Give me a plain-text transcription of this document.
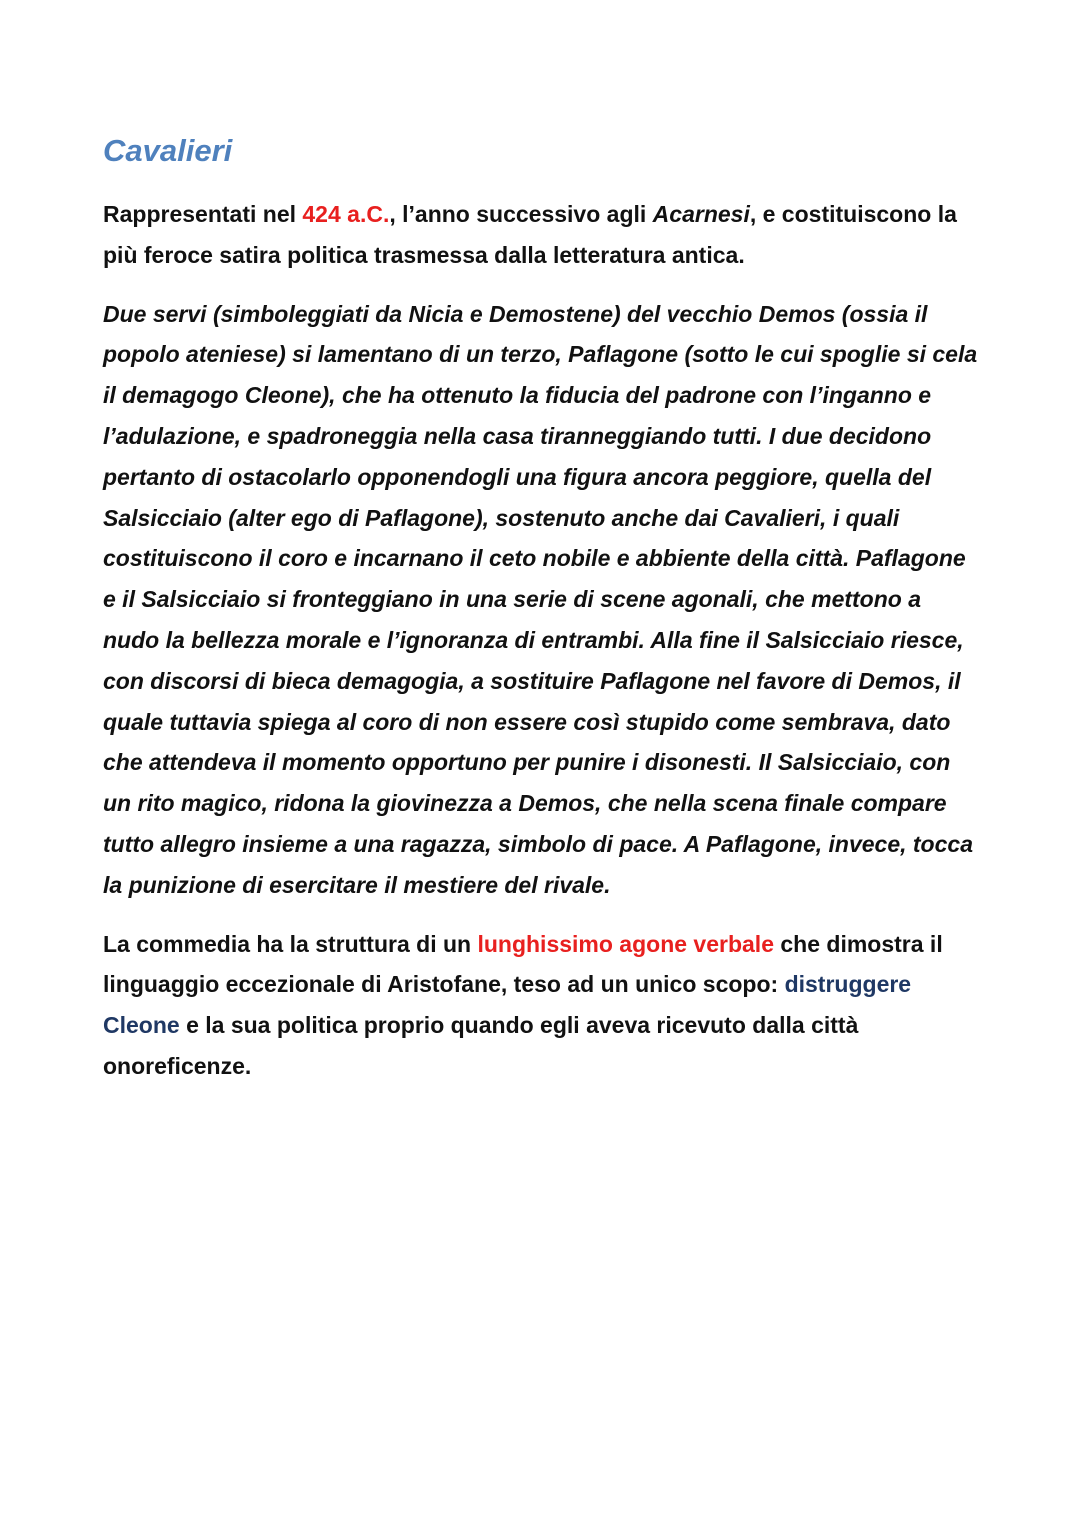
Cavalieri

Rappresentati nel 424 a.C., l’anno successivo agli Acarnesi, e costituiscono la più feroce satira politica trasmessa dalla letteratura antica.

Due servi (simboleggiati da Nicia e Demostene) del vecchio Demos (ossia il popolo ateniese) si lamentano di un terzo, Paflagone (sotto le cui spoglie si cela il demagogo Cleone), che ha ottenuto la fiducia del padrone con l’inganno e l’adulazione, e spadroneggia nella casa tiranneggiando tutti. I due decidono pertanto di ostacolarlo opponendogli una figura ancora peggiore, quella del Salsicciaio (alter ego di Paflagone), sostenuto anche dai Cavalieri, i quali costituiscono il coro e incarnano il ceto nobile e abbiente della città. Paflagone e il Salsicciaio si fronteggiano in una serie di scene agonali, che mettono a nudo la bellezza morale e l’ignoranza di entrambi. Alla fine il Salsicciaio riesce, con discorsi di bieca demagogia, a sostituire Paflagone nel favore di Demos, il quale tuttavia spiega al coro di non essere così stupido come sembrava, dato che attendeva il momento opportuno per punire i disonesti. Il Salsicciaio, con un rito magico, ridona la giovinezza a Demos, che nella scena finale compare tutto allegro insieme a una ragazza, simbolo di pace. A Paflagone, invece, tocca la punizione di esercitare il mestiere del rivale.

La commedia ha la struttura di un lunghissimo agone verbale che dimostra il linguaggio eccezionale di Aristofane, teso ad un unico scopo: distruggere Cleone e la sua politica proprio quando egli aveva ricevuto dalla città onoreficenze.
